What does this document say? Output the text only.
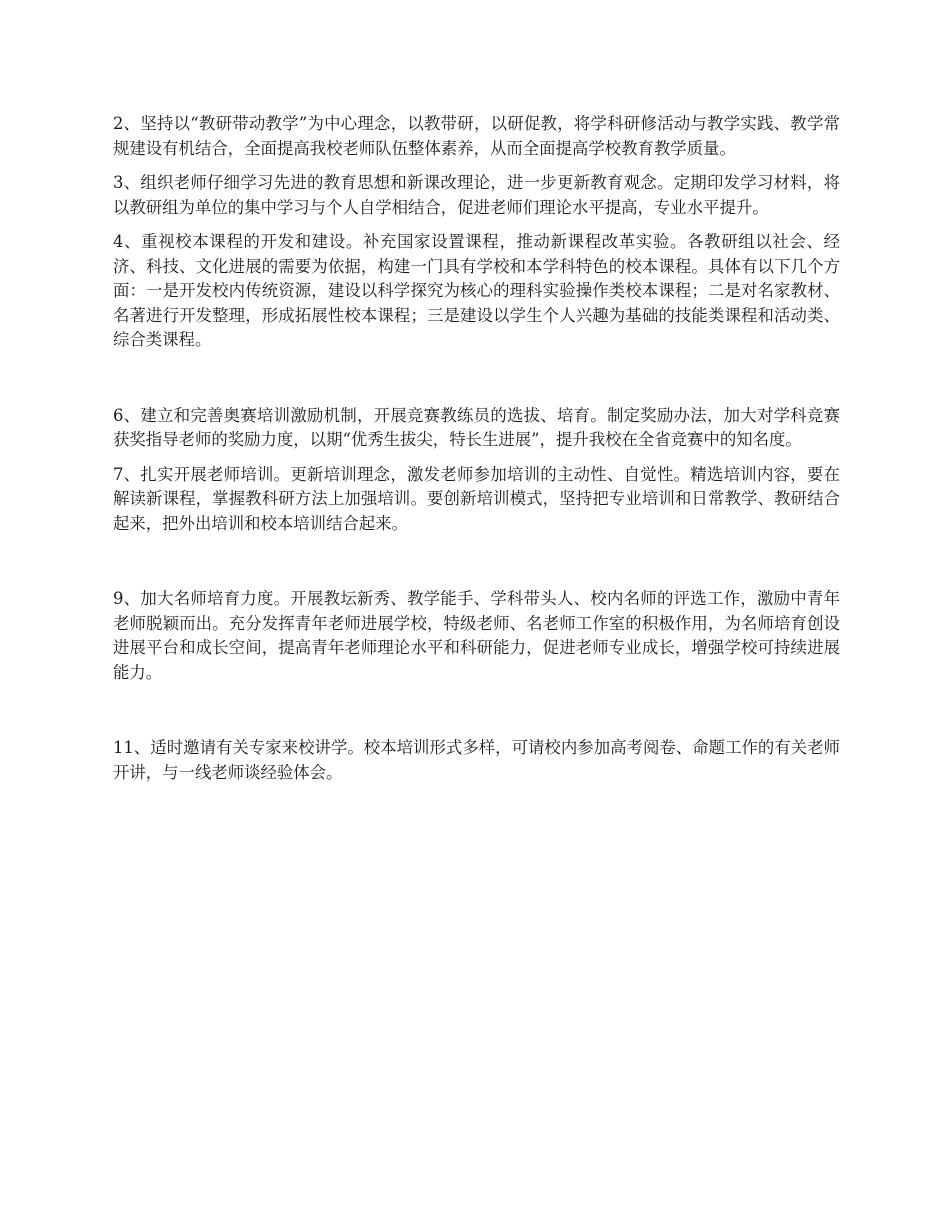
2、坚持以“教研带动教学”为中心理念，以教带研，以研促教，将学科研修活动与教学实践、教学常规建设有机结合，全面提高我校老师队伍整体素养，从而全面提高学校教育教学质量。

3、组织老师仔细学习先进的教育思想和新课改理论，进一步更新教育观念。定期印发学习材料，将以教研组为单位的集中学习与个人自学相结合，促进老师们理论水平提高，专业水平提升。

4、重视校本课程的开发和建设。补充国家设置课程，推动新课程改革实验。各教研组以社会、经济、科技、文化进展的需要为依据，构建一门具有学校和本学科特色的校本课程。具体有以下几个方面：一是开发校内传统资源，建设以科学探究为核心的理科实验操作类校本课程；二是对名家教材、名著进行开发整理，形成拓展性校本课程；三是建设以学生个人兴趣为基础的技能类课程和活动类、综合类课程。

6、建立和完善奥赛培训激励机制，开展竞赛教练员的选拔、培育。制定奖励办法，加大对学科竞赛获奖指导老师的奖励力度，以期“优秀生拔尖，特长生进展”，提升我校在全省竞赛中的知名度。

7、扎实开展老师培训。更新培训理念，激发老师参加培训的主动性、自觉性。精选培训内容，要在解读新课程，掌握教科研方法上加强培训。要创新培训模式，坚持把专业培训和日常教学、教研结合起来，把外出培训和校本培训结合起来。

9、加大名师培育力度。开展教坛新秀、教学能手、学科带头人、校内名师的评选工作，激励中青年老师脱颖而出。充分发挥青年老师进展学校，特级老师、名老师工作室的积极作用，为名师培育创设进展平台和成长空间，提高青年老师理论水平和科研能力，促进老师专业成长，增强学校可持续进展能力。

11、适时邀请有关专家来校讲学。校本培训形式多样，可请校内参加高考阅卷、命题工作的有关老师开讲，与一线老师谈经验体会。
